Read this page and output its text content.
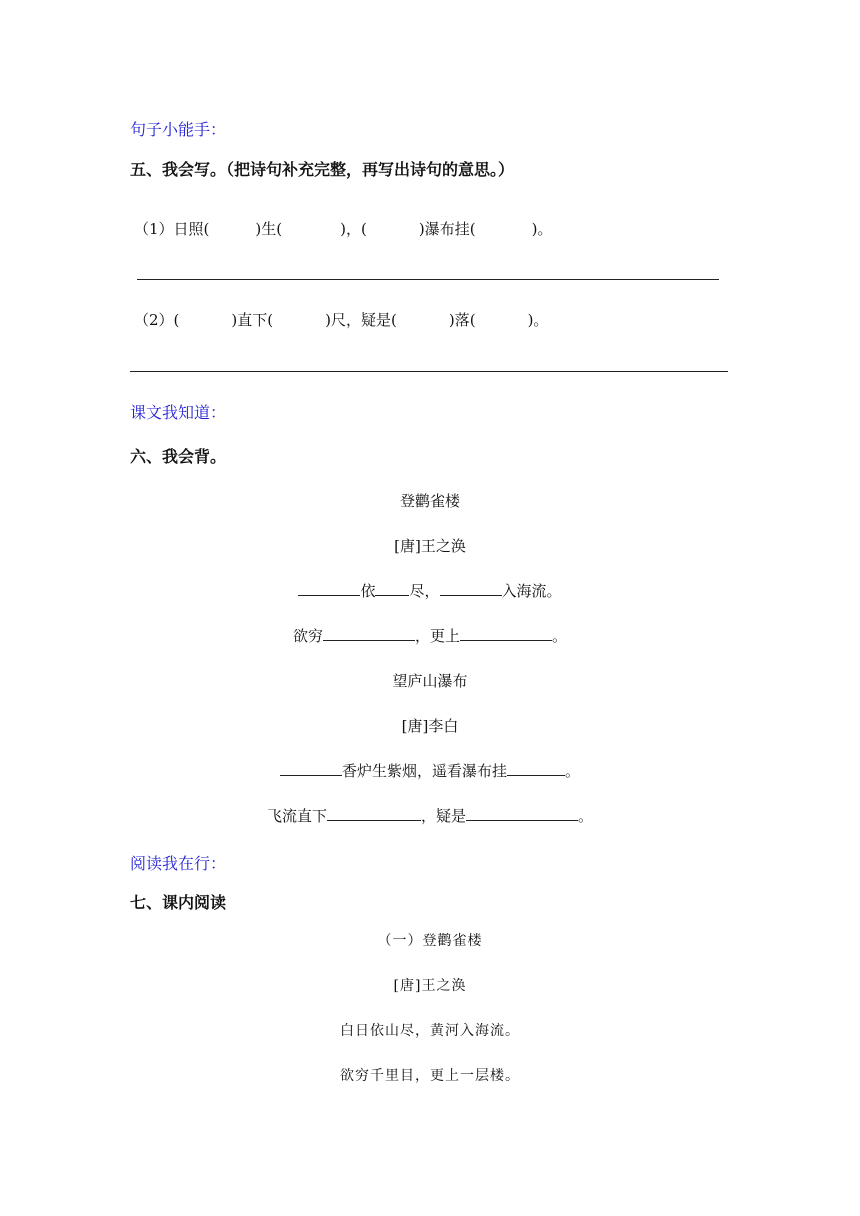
句子小能手：
五、我会写。（把诗句补充完整，再写出诗句的意思。）
（1）日照(	)生(	)，(	)瀑布挂(	)。
（2）(	)直下(	)尺，疑是(	)落(	)。
课文我知道：
六、我会背。
登鹳雀楼
[唐]王之涣
依 尽，	入海流。
欲穷	，更上	。
望庐山瀑布
[唐]李白
香炉生紫烟，遥看瀑布挂	。
飞流直下	，疑是	。
阅读我在行：
七、课内阅读
（一）登鹳雀楼
[唐]王之涣
白日依山尽，黄河入海流。
欲穷千里目，更上一层楼。
